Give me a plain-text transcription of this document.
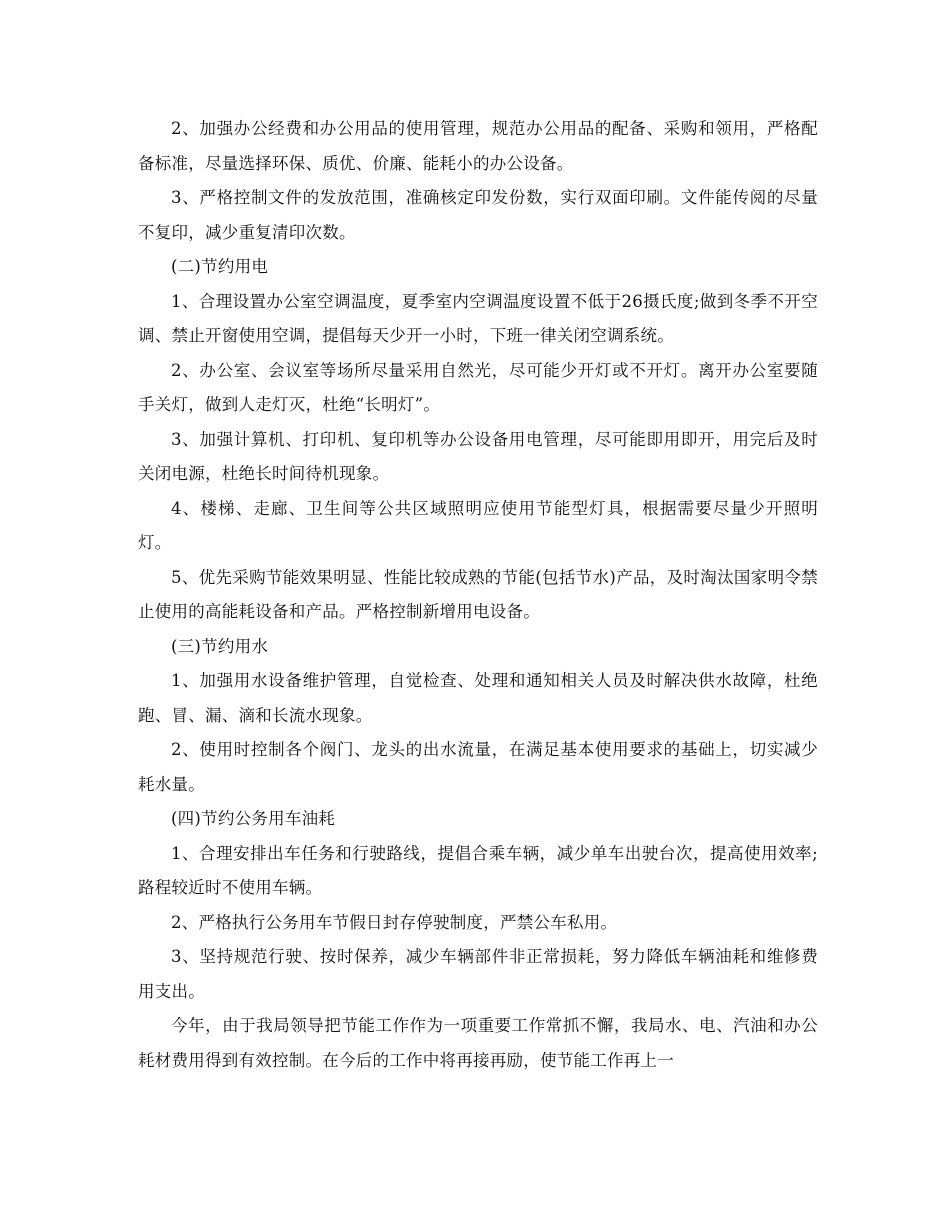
2、加强办公经费和办公用品的使用管理，规范办公用品的配备、采购和领用，严格配备标准，尽量选择环保、质优、价廉、能耗小的办公设备。

3、严格控制文件的发放范围，准确核定印发份数，实行双面印刷。文件能传阅的尽量不复印，减少重复清印次数。

(二)节约用电

1、合理设置办公室空调温度，夏季室内空调温度设置不低于26摄氏度;做到冬季不开空调、禁止开窗使用空调，提倡每天少开一小时，下班一律关闭空调系统。

2、办公室、会议室等场所尽量采用自然光，尽可能少开灯或不开灯。离开办公室要随手关灯，做到人走灯灭，杜绝“长明灯”。

3、加强计算机、打印机、复印机等办公设备用电管理，尽可能即用即开，用完后及时关闭电源，杜绝长时间待机现象。

4、楼梯、走廊、卫生间等公共区域照明应使用节能型灯具，根据需要尽量少开照明灯。

5、优先采购节能效果明显、性能比较成熟的节能(包括节水)产品，及时淘汰国家明令禁止使用的高能耗设备和产品。严格控制新增用电设备。

(三)节约用水

1、加强用水设备维护管理，自觉检查、处理和通知相关人员及时解决供水故障，杜绝跑、冒、漏、滴和长流水现象。

2、使用时控制各个阀门、龙头的出水流量，在满足基本使用要求的基础上，切实减少耗水量。

(四)节约公务用车油耗

1、合理安排出车任务和行驶路线，提倡合乘车辆，减少单车出驶台次，提高使用效率;路程较近时不使用车辆。

2、严格执行公务用车节假日封存停驶制度，严禁公车私用。

3、坚持规范行驶、按时保养，减少车辆部件非正常损耗，努力降低车辆油耗和维修费用支出。

今年，由于我局领导把节能工作作为一项重要工作常抓不懈，我局水、电、汽油和办公耗材费用得到有效控制。在今后的工作中将再接再励，使节能工作再上一
